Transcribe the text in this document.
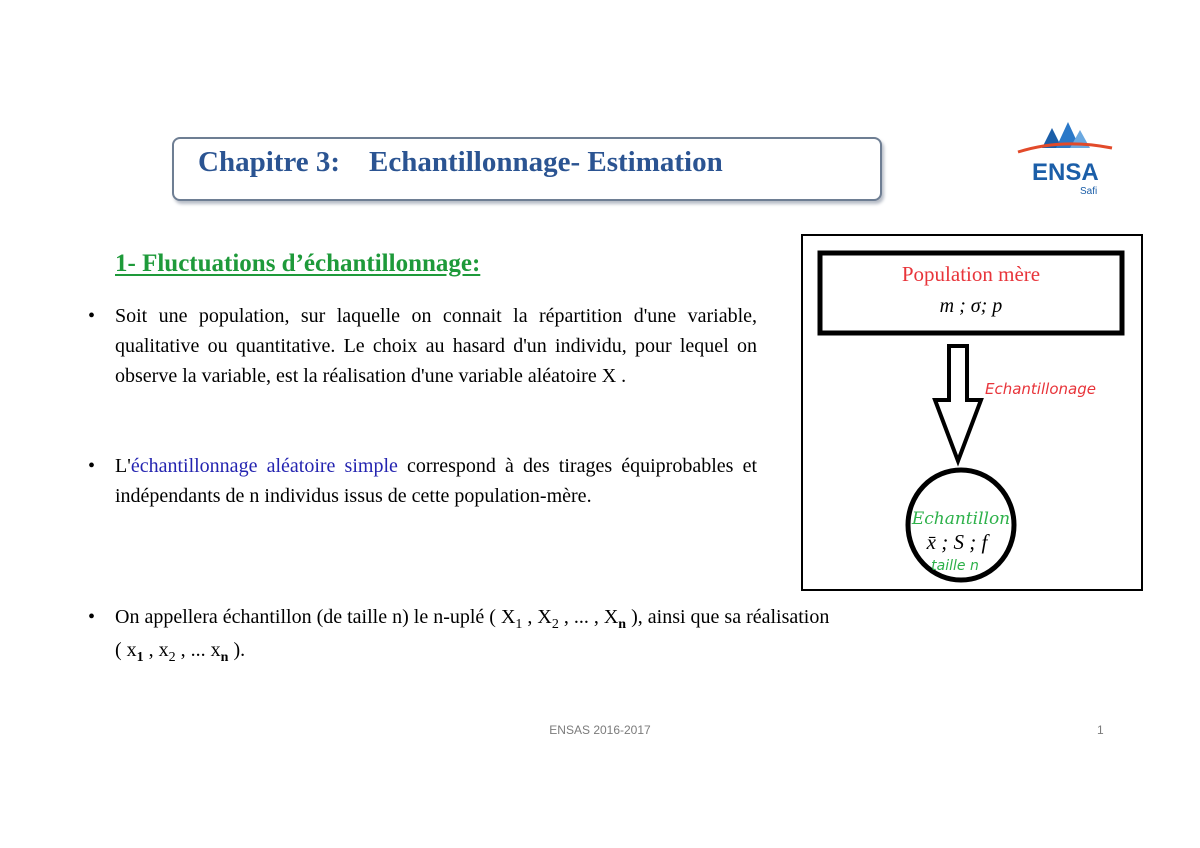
Chapitre 3: Echantillonnage- Estimation	ENSA
Safi
1- Fluctuations d’échantillonnage:
• Soit une population, sur laquelle on connait la répartition d'une variable, qualitative ou quantitative. Le choix au hasard d'un individu, pour lequel on observe la variable, est la réalisation d'une variable aléatoire X .
• L'échantillonnage aléatoire simple correspond à des tirages équiprobables et indépendants de n individus issus de cette population-mère.
• On appellera échantillon (de taille n) le n-uplé ( $X_1$ , $X_2$ , ... , $X_n$ ), ainsi que sa réalisation
( $x_1$ , $x_2$ , ... $x_n$ ).
Population mère
m ; σ; p
Echantillonage
Echantillon
x̄ ; S ; f
taille n
ENSAS 2016-2017	1
